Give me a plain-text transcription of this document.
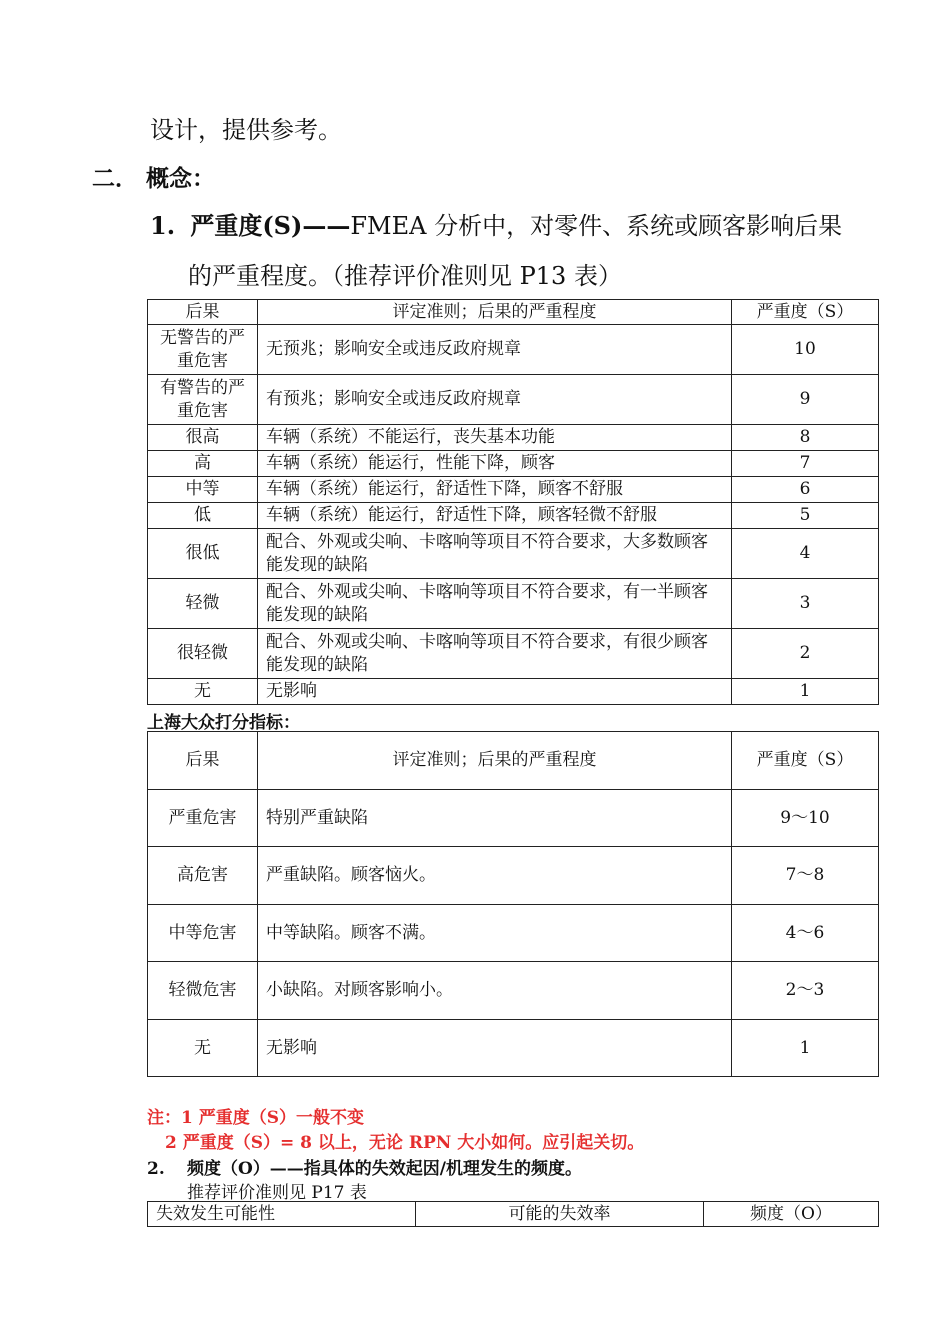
设计，提供参考。
二． 概念：
1. 严重度(S)——FMEA 分析中，对零件、系统或顾客影响后果
的严重程度。（推荐评价准则见 P13 表）
后果	评定准则；后果的严重程度	严重度（S）
无警告的严重危害	无预兆；影响安全或违反政府规章	10
有警告的严重危害	有预兆；影响安全或违反政府规章	9
很高	车辆（系统）不能运行，丧失基本功能	8
高	车辆（系统）能运行，性能下降，顾客	7
中等	车辆（系统）能运行，舒适性下降，顾客不舒服	6
低	车辆（系统）能运行，舒适性下降，顾客轻微不舒服	5
很低	配合、外观或尖响、卡喀响等项目不符合要求，大多数顾客能发现的缺陷	4
轻微	配合、外观或尖响、卡喀响等项目不符合要求，有一半顾客能发现的缺陷	3
很轻微	配合、外观或尖响、卡喀响等项目不符合要求，有很少顾客能发现的缺陷	2
无	无影响	1
上海大众打分指标：
后果	评定准则；后果的严重程度	严重度（S）
严重危害	特别严重缺陷	9～10
高危害	严重缺陷。顾客恼火。	7～8
中等危害	中等缺陷。顾客不满。	4～6
轻微危害	小缺陷。对顾客影响小。	2～3
无	无影响	1
注：1 严重度（S）一般不变
2 严重度（S）= 8 以上，无论 RPN 大小如何。应引起关切。
2. 频度（O）——指具体的失效起因/机理发生的频度。
推荐评价准则见 P17 表
失效发生可能性	可能的失效率	频度（O）
